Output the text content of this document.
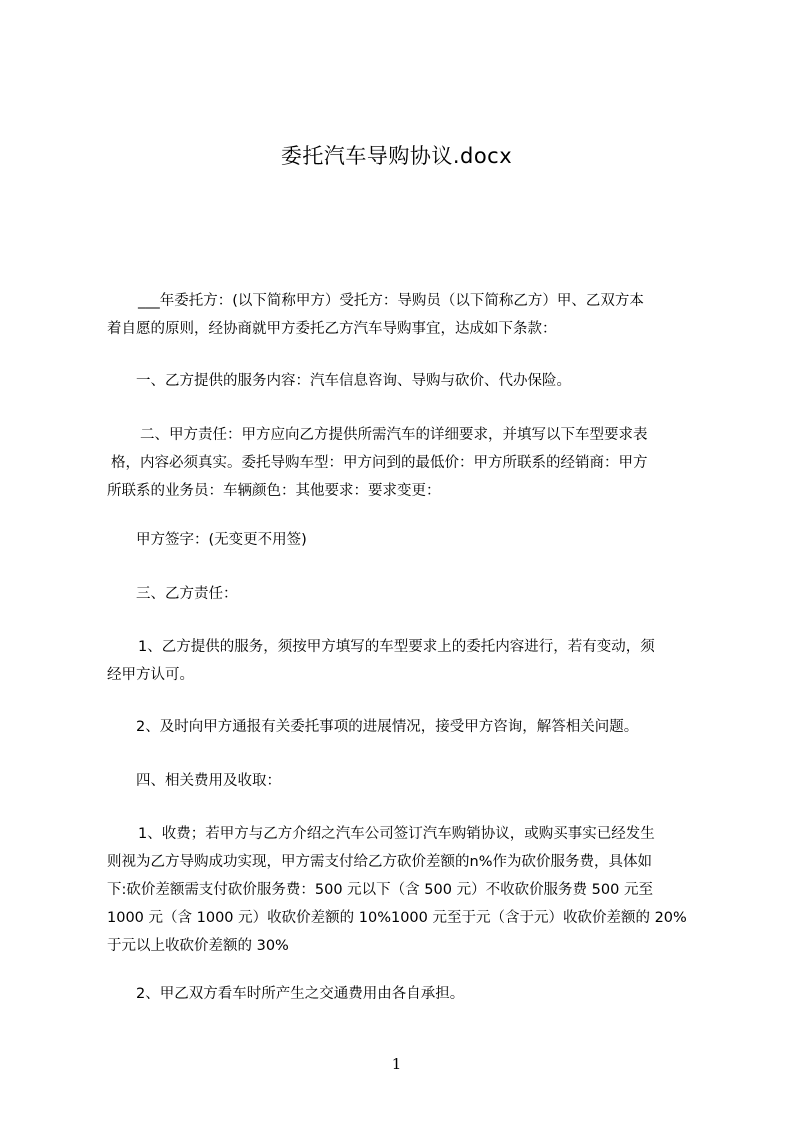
委托汽车导购协议.docx
___年委托方：(以下简称甲方）受托方：导购员（以下简称乙方）甲、乙双方本
着自愿的原则，经协商就甲方委托乙方汽车导购事宜，达成如下条款：
一、乙方提供的服务内容：汽车信息咨询、导购与砍价、代办保险。
二、甲方责任：甲方应向乙方提供所需汽车的详细要求，并填写以下车型要求表
格，内容必须真实。委托导购车型：甲方问到的最低价：甲方所联系的经销商：甲方
所联系的业务员：车辆颜色：其他要求：要求变更：
甲方签字：(无变更不用签)
三、乙方责任：
1、乙方提供的服务，须按甲方填写的车型要求上的委托内容进行，若有变动，须
经甲方认可。
2、及时向甲方通报有关委托事项的进展情况，接受甲方咨询，解答相关问题。
四、相关费用及收取：
1、收费；若甲方与乙方介绍之汽车公司签订汽车购销协议，或购买事实已经发生
则视为乙方导购成功实现，甲方需支付给乙方砍价差额的n%作为砍价服务费，具体如
下:砍价差额需支付砍价服务费：500 元以下（含 500 元）不收砍价服务费 500 元至
1000 元（含 1000 元）收砍价差额的 10%1000 元至于元（含于元）收砍价差额的 20%
于元以上收砍价差额的 30%
2、甲乙双方看车时所产生之交通费用由各自承担。
1
